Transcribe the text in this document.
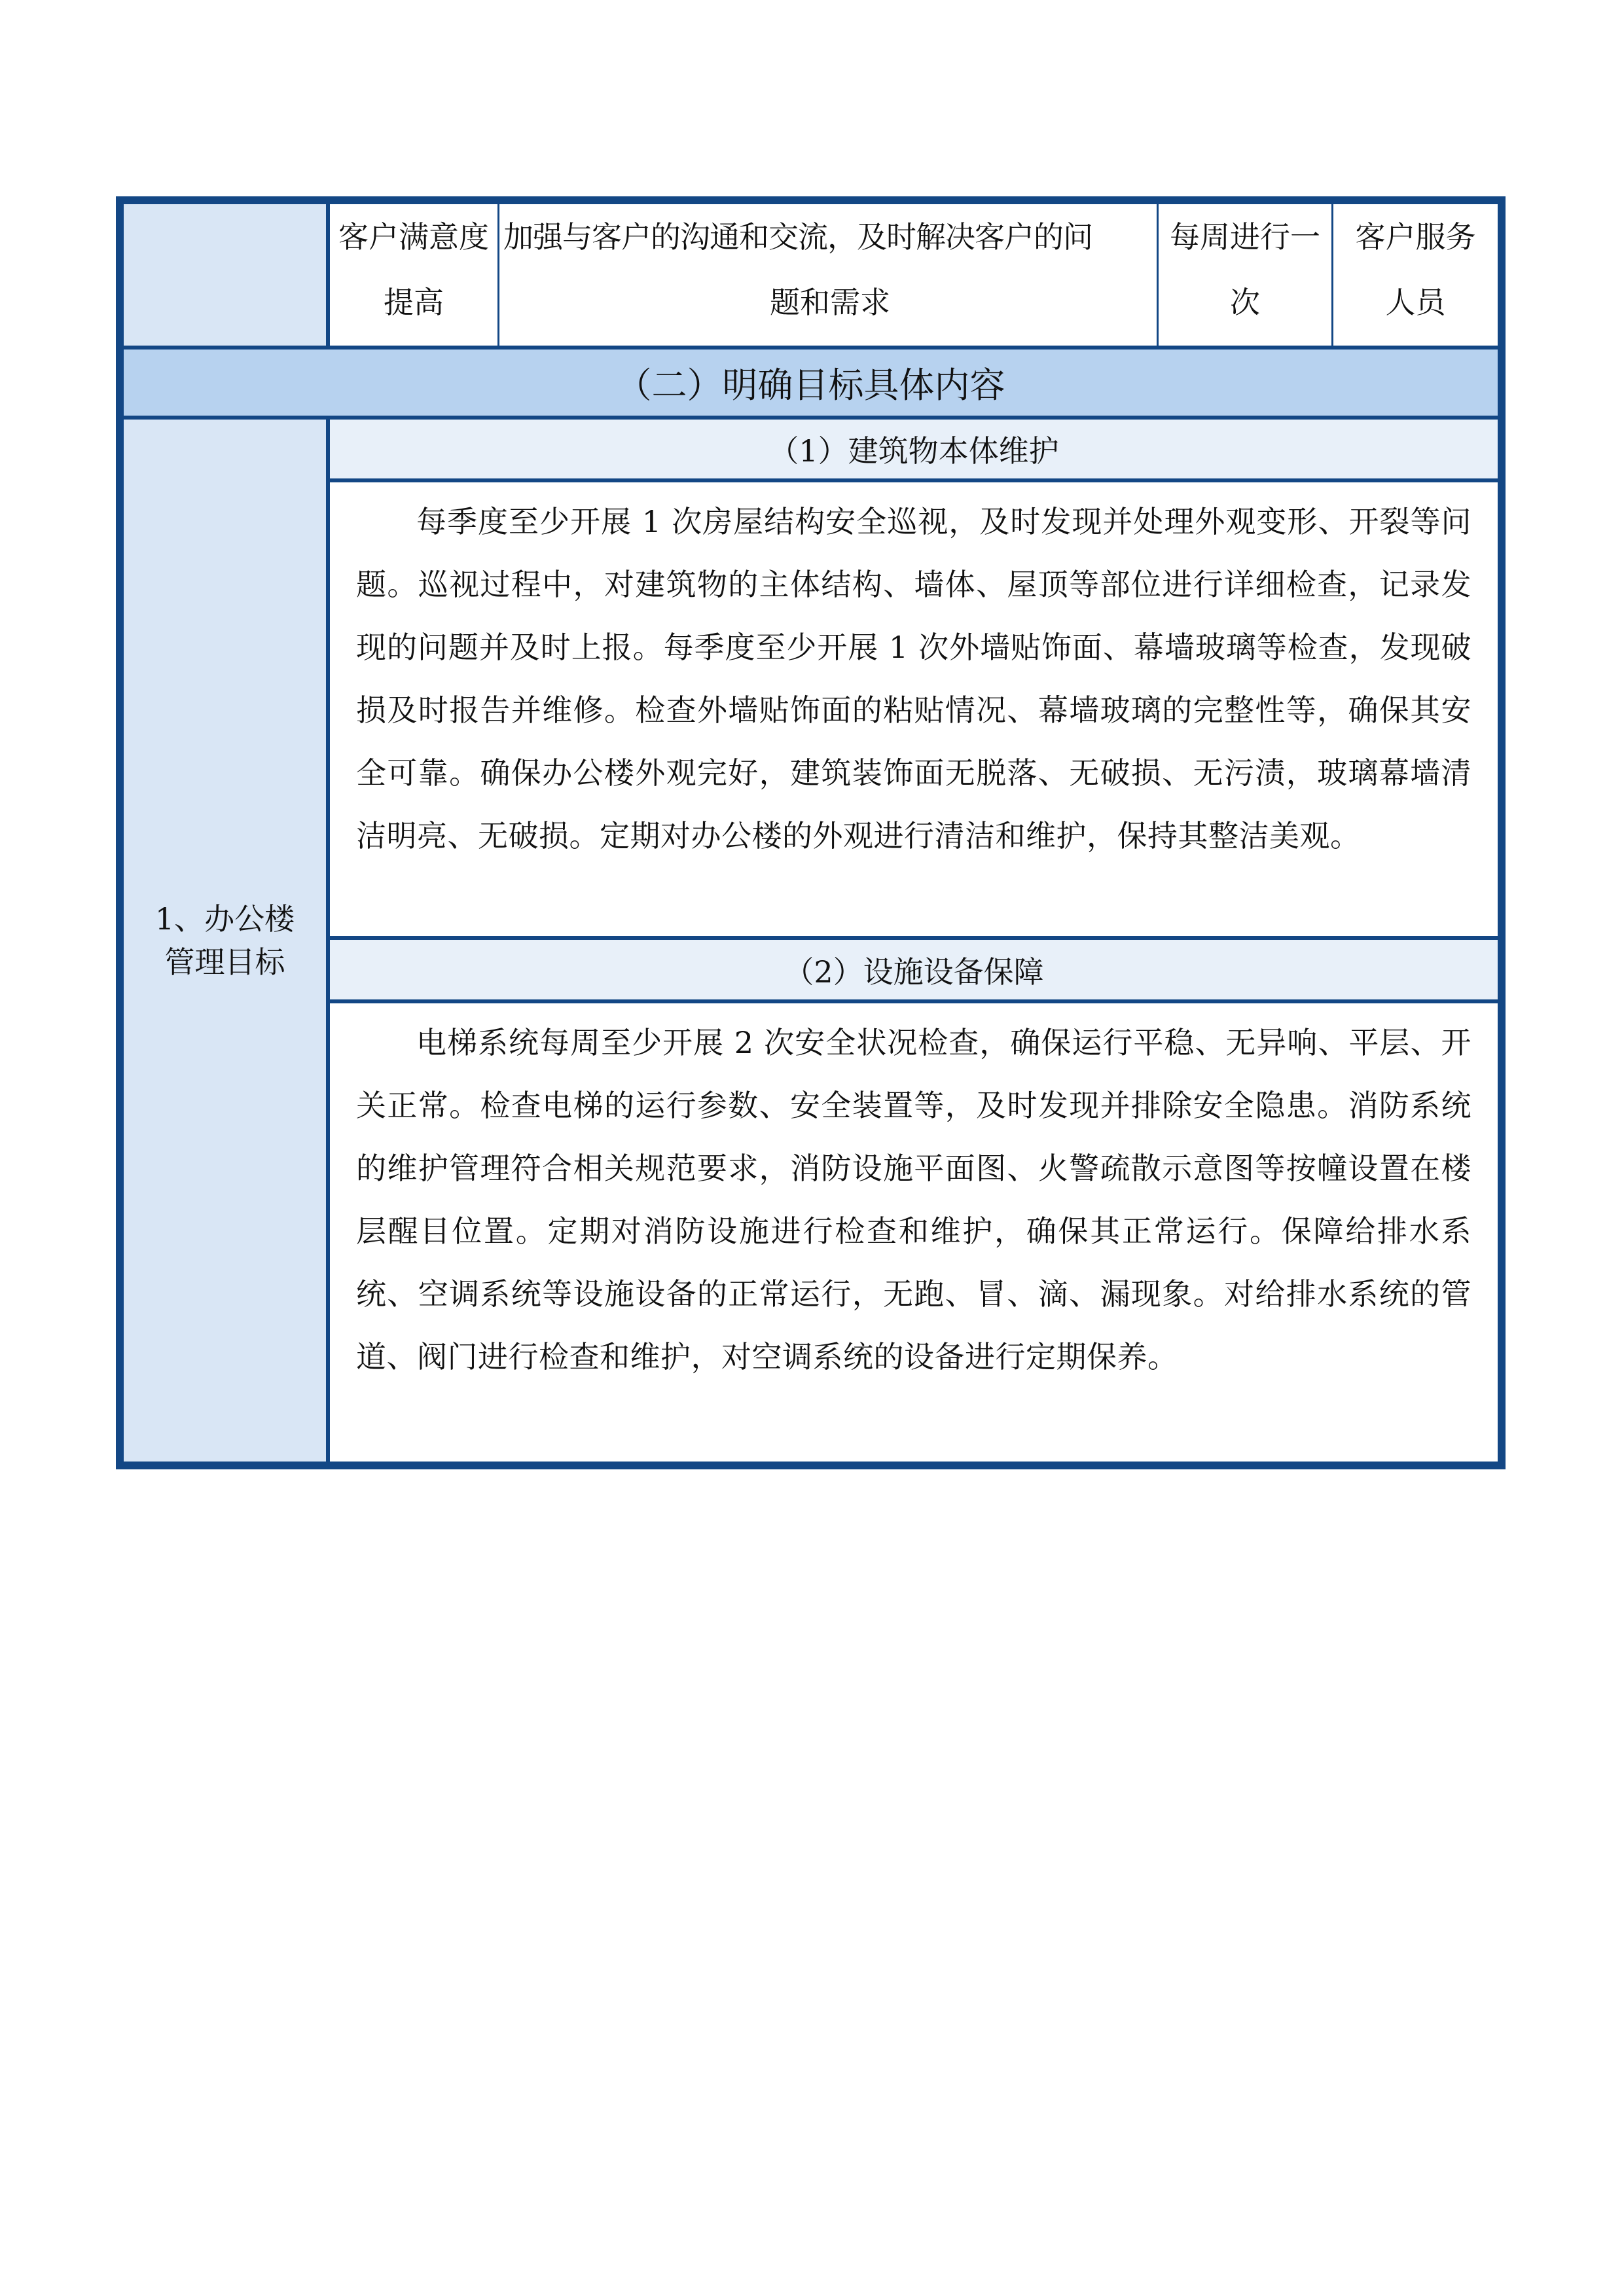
客户满意度
提高
加强与客户的沟通和交流，及时解决客户的问
题和需求
每周进行一
次
客户服务
人员
（二）明确目标具体内容
1、办公楼
管理目标
（1）建筑物本体维护
每季度至少开展 1 次房屋结构安全巡视，及时发现并处理外观变形、开裂等问题。巡视过程中，对建筑物的主体结构、墙体、屋顶等部位进行详细检查，记录发现的问题并及时上报。每季度至少开展 1 次外墙贴饰面、幕墙玻璃等检查，发现破损及时报告并维修。检查外墙贴饰面的粘贴情况、幕墙玻璃的完整性等，确保其安全可靠。确保办公楼外观完好，建筑装饰面无脱落、无破损、无污渍，玻璃幕墙清洁明亮、无破损。定期对办公楼的外观进行清洁和维护，保持其整洁美观。
（2）设施设备保障
电梯系统每周至少开展 2 次安全状况检查，确保运行平稳、无异响、平层、开关正常。检查电梯的运行参数、安全装置等，及时发现并排除安全隐患。消防系统的维护管理符合相关规范要求，消防设施平面图、火警疏散示意图等按幢设置在楼层醒目位置。定期对消防设施进行检查和维护，确保其正常运行。保障给排水系统、空调系统等设施设备的正常运行，无跑、冒、滴、漏现象。对给排水系统的管道、阀门进行检查和维护，对空调系统的设备进行定期保养。
